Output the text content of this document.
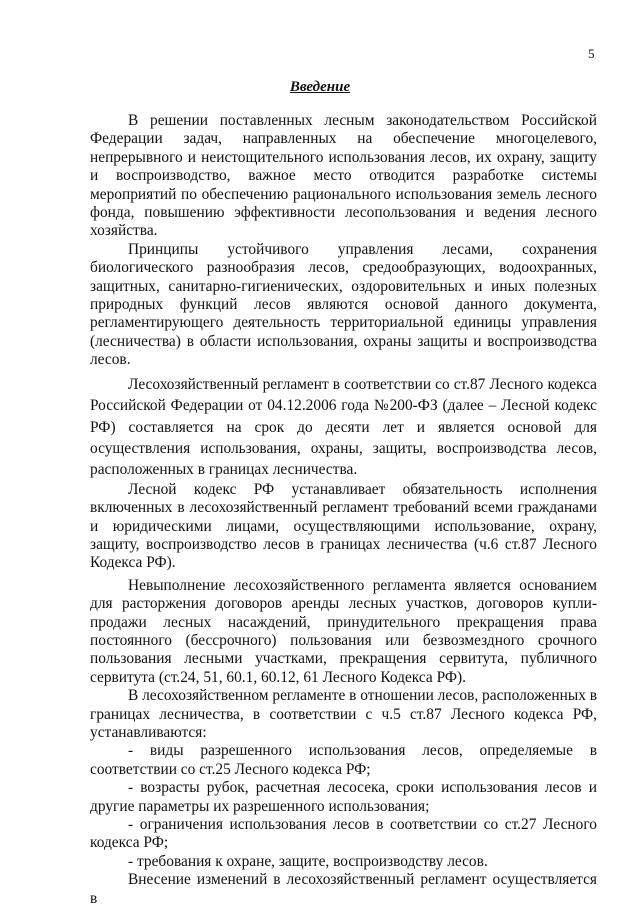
5
Введение

В решении поставленных лесным законодательством Российской Федерации задач, направленных на обеспечение многоцелевого, непрерывного и неистощительного использования лесов, их охрану, защиту и воспроизводство, важное место отводится разработке системы мероприятий по обеспечению рационального использования земель лесного фонда, повышению эффективности лесопользования и ведения лесного хозяйства.

Принципы устойчивого управления лесами, сохранения биологического разнообразия лесов, средообразующих, водоохранных, защитных, санитарно-гигиенических, оздоровительных и иных полезных природных функций лесов являются основой данного документа, регламентирующего деятельность территориальной единицы управления (лесничества) в области использования, охраны защиты и воспроизводства лесов.

Лесохозяйственный регламент в соответствии со ст.87 Лесного кодекса Российской Федерации от 04.12.2006 года №200-ФЗ (далее – Лесной кодекс РФ) составляется на срок до десяти лет и является основой для осуществления использования, охраны, защиты, воспроизводства лесов, расположенных в границах лесничества.

Лесной кодекс РФ устанавливает обязательность исполнения включенных в лесохозяйственный регламент требований всеми гражданами и юридическими лицами, осуществляющими использование, охрану, защиту, воспроизводство лесов в границах лесничества (ч.6 ст.87 Лесного Кодекса РФ).

Невыполнение лесохозяйственного регламента является основанием для расторжения договоров аренды лесных участков, договоров купли-продажи лесных насаждений, принудительного прекращения права постоянного (бессрочного) пользования или безвозмездного срочного пользования лесными участками, прекращения сервитута, публичного сервитута (ст.24, 51, 60.1, 60.12, 61 Лесного Кодекса РФ).

В лесохозяйственном регламенте в отношении лесов, расположенных в границах лесничества, в соответствии с ч.5 ст.87 Лесного кодекса РФ, устанавливаются:

- виды разрешенного использования лесов, определяемые в соответствии со ст.25 Лесного кодекса РФ;

- возрасты рубок, расчетная лесосека, сроки использования лесов и другие параметры их разрешенного использования;

- ограничения использования лесов в соответствии со ст.27 Лесного кодекса РФ;

- требования к охране, защите, воспроизводству лесов.

Внесение изменений в лесохозяйственный регламент осуществляется в
